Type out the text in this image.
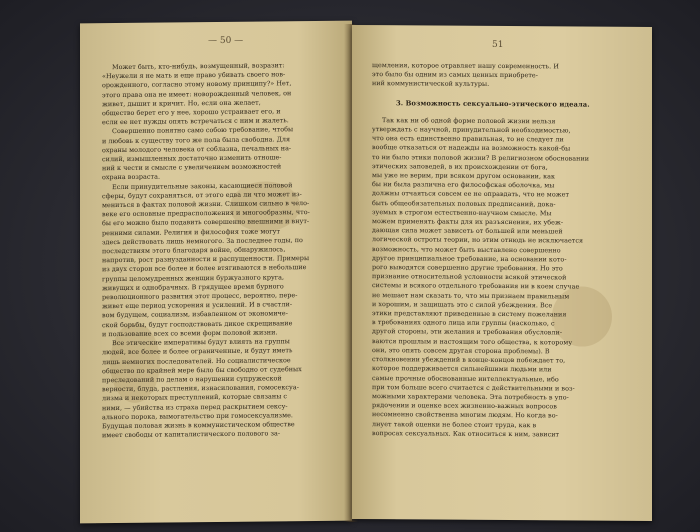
— 50 —
Может быть, кто-нибудь, возмущенный, возразит:
«Неужели я не мать и еще право убивать своего нов-
орожденного, согласно этому новому принципу?» Нет,
этого права она не имеет: новорожденный человек, он
живет, дышит и кричит. Но, если она желает,
общество берет его у нее, хорошо устраивает его, и
если ее нет нужды опять встречаться с ним и жалеть.
Совершенно понятно само собою требование, чтобы
и любовь к существу того же пола была свободна. Для
охраны молодого человека от соблазна, печальных на-
силий, измышленных достаточно изменить отноше-
ний к чести и смысле с увеличением возможностей
охрана возраста.
Если принудительные законы, касающиеся половой
сферы, будут сохраняться, от этого едва ли что может из-
мениться в фактах половой жизни. Слишком сильно в чело-
веке его основные предрасположения и многообразны, что-
бы его можно было подавить совершенно внешними и внут-
ренними силами. Религия и философия тоже могут
здесь действовать лишь немногого. За последнее годы, по
последствиям этого благодаря войне, обнаружилось,
напротив, рост разнузданности и распущенности. Примеры
из двух сторон все более и более втягиваются в небольшие
группы целомудренных женщин буржуазного круга,
живущих и однобрачных. В грядущее время бурного
революционного развития этот процесс, вероятно, пере-
живет еще период ускорения и усилений. И в счастли-
вом будущем, социализм, избавленном от экономиче-
ской борьбы, будут господствовать дикое скрещивание
и пользование всех со всеми форм половой жизни.
Все этические императивы будут влиять на группы
людей, все более и более ограниченные, и будут иметь
лишь немногих последователей. Но социалистическое
общество по крайней мере было бы свободно от судебных
преследований по делам о нарушении супружеской
верности, блуда, растления, изнасилования, гомосексуа-
лизма и некоторых преступлений, которые связаны с
ними, — убийства из страха перед раскрытием сексу-
ального порока, вымогательство при гомосексуализме.
Будущая половая жизнь в коммунистическом обществе
имеет свободы от капиталистического полового за-
51
щемления, которое отравляет нашу современность. И
это было бы одним из самых ценных приобрете-
ний коммунистической культуры.
3. Возможность сексуально-этического идеала.
Так как ни об одной форме половой жизни нельзя
утверждать с научной, принудительной необходимостью,
что она есть единственно правильная, то не следует ли
вообще отказаться от надежды на возможность какой-бы
то ни было этики половой жизни? В религиозном обосновании
этических заповедей, в их происхождении от бога,
мы уже не верим, при всяком другом основании, как
бы ни была различна его философская оболочка, мы
должны отчаяться совсем ее не оправдать, что не может
быть общеобязательных половых предписаний, дока-
зуемых в строгом естественно-научном смысле. Мы
можем применять факты для их разъяснения, их убеж-
дающая сила может зависеть от большей или меньшей
логической остроты теории, но этим отнюдь не исключается
возможность, что может быть выставлено совершенно
другое принципиальное требование, на основании кото-
рого выводятся совершенно другие требования. Но это
признание относительной условности всякой этической
системы и всякого отдельного требования ни в коем случае
не мешает нам сказать то, что мы признаем правильным
и хорошим, и защищать это с силой убеждения. Все
этики представляют приведенные в систему пожелания
в требованиях одного лица или группы (насколько, с
другой стороны, эти желания и требования обусловли-
ваются прошлым и настоящим того общества, к которому
они, это опять совсем другая сторона проблемы). В
столкновении убеждений в конце-концов побеждает то,
которое поддерживается сильнейшими людьми или
самые прочные обоснованные интеллектуальные, ибо
при том больше всего считается с действительными и воз-
можными характерами человека. Эта потребность в упо-
рядочении и оценке всех жизненно-важных вопросов
несомненно свойственна многим людям. Но когда во-
лнует такой оценки не более стоит труда, как в
вопросах сексуальных. Как относиться к ним, зависит
